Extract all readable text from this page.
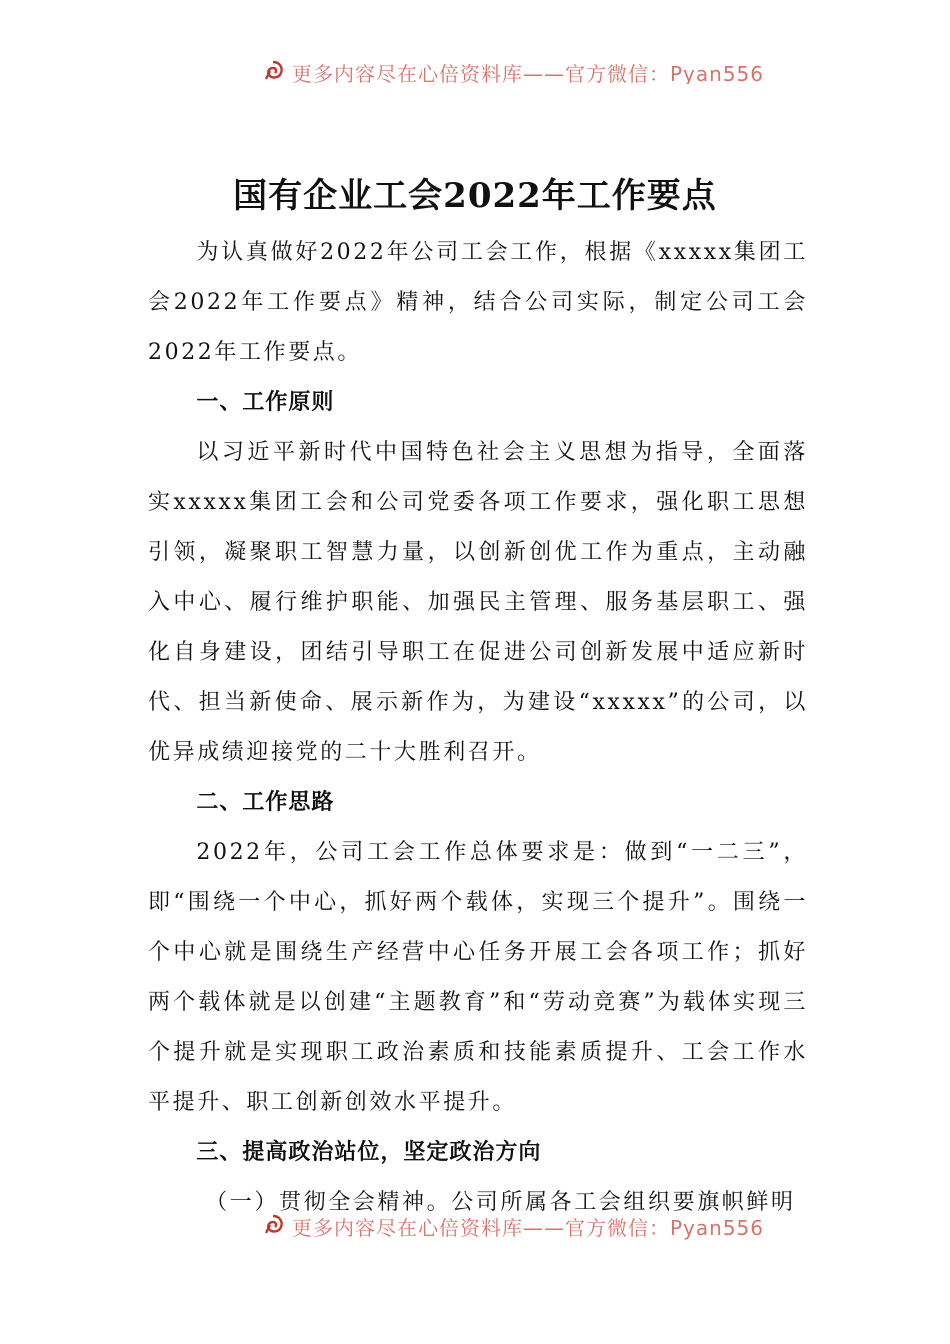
更多内容尽在心倍资料库——官方微信：Pyan556
国有企业工会2022年工作要点

为认真做好2022年公司工会工作，根据《xxxxx集团工会2022年工作要点》精神，结合公司实际，制定公司工会2022年工作要点。

一、工作原则

以习近平新时代中国特色社会主义思想为指导，全面落实xxxxx集团工会和公司党委各项工作要求，强化职工思想引领，凝聚职工智慧力量，以创新创优工作为重点，主动融入中心、履行维护职能、加强民主管理、服务基层职工、强化自身建设，团结引导职工在促进公司创新发展中适应新时代、担当新使命、展示新作为，为建设“xxxxx”的公司，以优异成绩迎接党的二十大胜利召开。

二、工作思路

2022年，公司工会工作总体要求是：做到“一二三”，即“围绕一个中心，抓好两个载体，实现三个提升”。围绕一个中心就是围绕生产经营中心任务开展工会各项工作；抓好两个载体就是以创建“主题教育”和“劳动竞赛”为载体实现三个提升就是实现职工政治素质和技能素质提升、工会工作水平提升、职工创新创效水平提升。

三、提高政治站位，坚定政治方向

（一）贯彻全会精神。公司所属各工会组织要旗帜鲜明

更多内容尽在心倍资料库——官方微信：Pyan556
